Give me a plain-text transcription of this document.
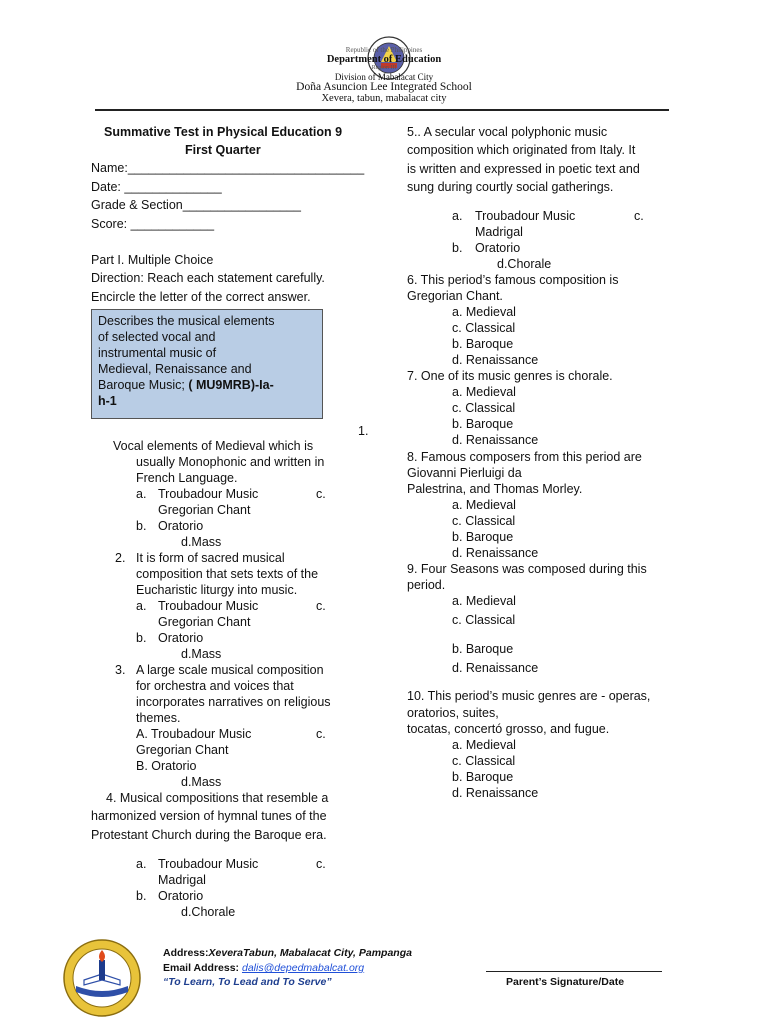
Republic of the Philippines
Department of Education
Region III
Division of Mabalacat City
Doña Asuncion Lee Integrated School
Xevera, tabun, mabalacat city
Summative Test in Physical Education 9
First Quarter
Name:__________________________________
Date: ______________
Grade & Section_________________
Score: ____________
Part I. Multiple Choice
Direction: Reach each statement carefully.
Encircle the letter of the correct answer.
Describes the musical elements
of selected vocal and
instrumental music of
Medieval, Renaissance and
Baroque Music; ( MU9MRB)-Ia-
h-1
1.
Vocal elements of Medieval which is
usually Monophonic and written in
French Language.
a. Troubadour Music	c.
Gregorian Chant
b. Oratorio
d.Mass
2. It is form of sacred musical
composition that sets texts of the
Eucharistic liturgy into music.
a. Troubadour Music	c.
Gregorian Chant
b. Oratorio
d.Mass
3. A large scale musical composition
for orchestra and voices that
incorporates narratives on religious
themes.
A. Troubadour Music	c.
Gregorian Chant
B. Oratorio
d.Mass
4. Musical compositions that resemble a
harmonized version of hymnal tunes of the
Protestant Church during the Baroque era.
a. Troubadour Music	c.
Madrigal
b. Oratorio
d.Chorale
5.. A secular vocal polyphonic music
composition which originated from Italy. It
is written and expressed in poetic text and
sung during courtly social gatherings.
a. Troubadour Music	c.
Madrigal
b. Oratorio
d.Chorale
6. This period’s famous composition is
Gregorian Chant.
a. Medieval
c. Classical
b. Baroque
d. Renaissance
7. One of its music genres is chorale.
a. Medieval
c. Classical
b. Baroque
d. Renaissance
8. Famous composers from this period are
Giovanni Pierluigi da
Palestrina, and Thomas Morley.
a. Medieval
c. Classical
b. Baroque
d. Renaissance
9. Four Seasons was composed during this
period.
a. Medieval
c. Classical
b. Baroque
d. Renaissance
10. This period’s music genres are - operas,
oratorios, suites,
tocatas, concertó grosso, and fugue.
a. Medieval
c. Classical
b. Baroque
d. Renaissance
Address:XeveraTabun, Mabalacat City, Pampanga
Email Address: dalis@depedmabalcat.org
“To Learn, To Lead and To Serve”	Parent’s Signature/Date
